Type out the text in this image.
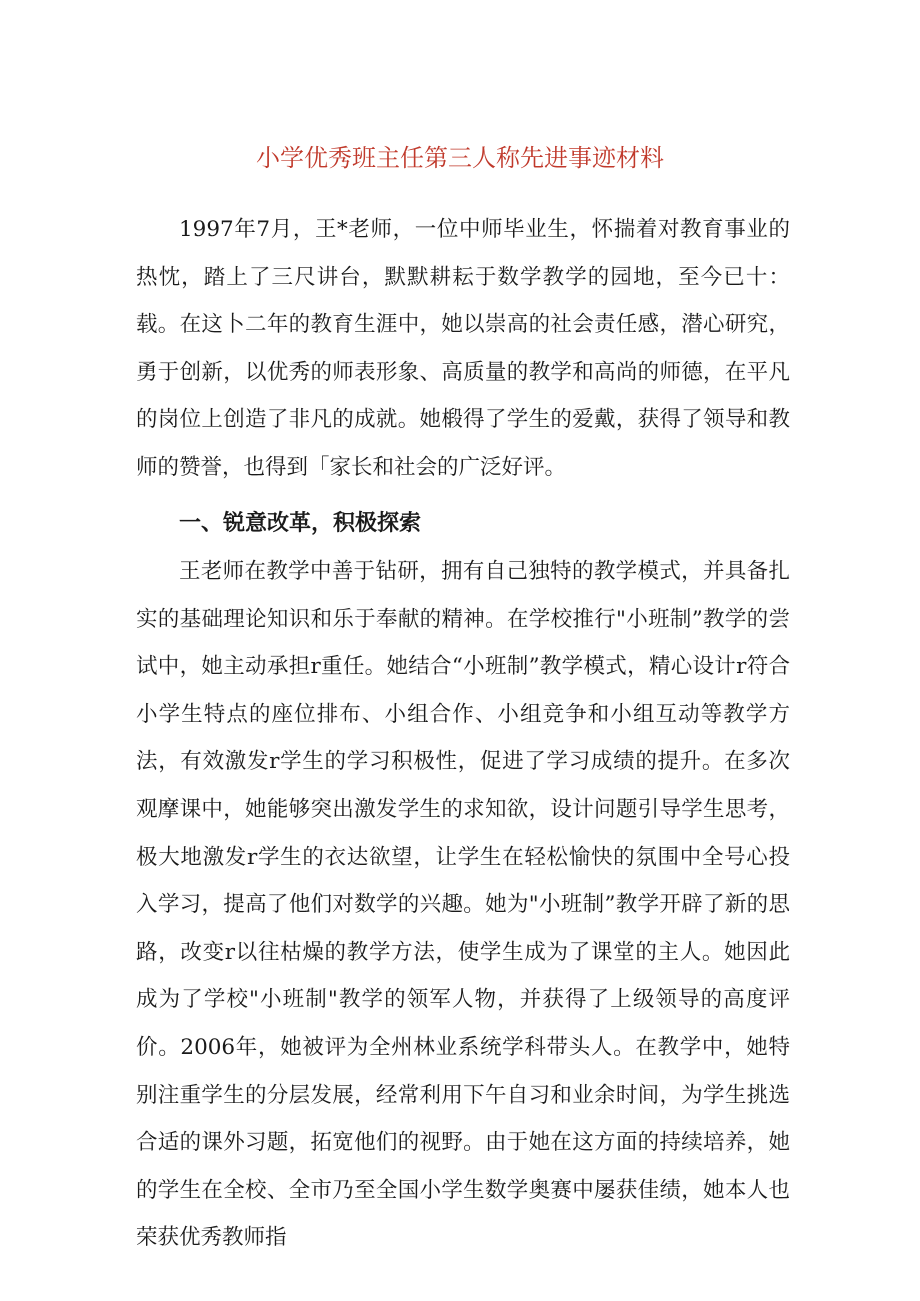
小学优秀班主任第三人称先进事迹材料

1997年7月，王*老师，一位中师毕业生，怀揣着对教育事业的热忱，踏上了三尺讲台，默默耕耘于数学教学的园地，至今已十：载。在这卜二年的教育生涯中，她以崇高的社会责任感，潜心研究，勇于创新，以优秀的师表形象、高质量的教学和高尚的师德，在平凡的岗位上创造了非凡的成就。她椴得了学生的爱戴，获得了领导和教师的赞誉，也得到「家长和社会的广泛好评。

一、锐意改革，积极探索

王老师在教学中善于钻研，拥有自己独特的教学模式，并具备扎实的基础理论知识和乐于奉献的精神。在学校推行"小班制”教学的尝试中，她主动承担r重任。她结合“小班制”教学模式，精心设计r符合小学生特点的座位排布、小组合作、小组竞争和小组互动等教学方法，有效激发r学生的学习积极性，促进了学习成绩的提升。在多次观摩课中，她能够突出激发学生的求知欲，设计问题引导学生思考，极大地激发r学生的衣达欲望，让学生在轻松愉快的氛围中全号心投入学习，提高了他们对数学的兴趣。她为"小班制”教学开辟了新的思路，改变r以往枯燥的教学方法，使学生成为了课堂的主人。她因此成为了学校"小班制"教学的领军人物，并获得了上级领导的高度评价。2006年，她被评为全州林业系统学科带头人。在教学中，她特别注重学生的分层发展，经常利用下午自习和业余时间，为学生挑选合适的课外习题，拓宽他们的视野。由于她在这方面的持续培养，她的学生在全校、全市乃至全国小学生数学奥赛中屡获佳绩，她本人也荣获优秀教师指
